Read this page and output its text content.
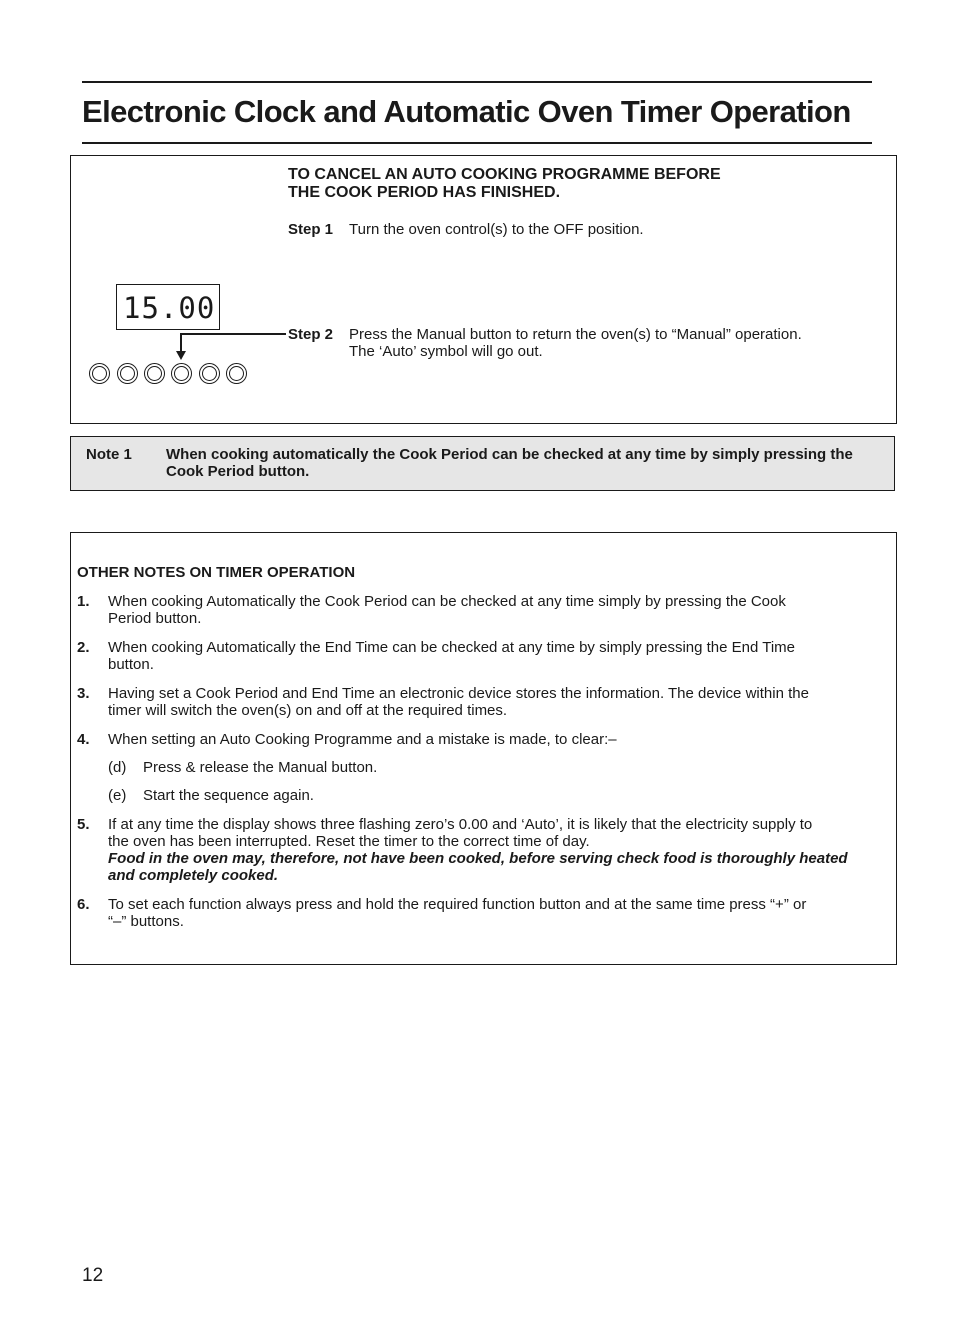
Electronic Clock and Automatic Oven Timer Operation
TO CANCEL AN AUTO COOKING PROGRAMME BEFORE
THE COOK PERIOD HAS FINISHED.
Step 1 Turn the oven control(s) to the OFF position.
Step 2 Press the Manual button to return the oven(s) to “Manual” operation.
The ‘Auto’ symbol will go out.
15.00
Note 1 When cooking automatically the Cook Period can be checked at any time by simply pressing the Cook Period button.
OTHER NOTES ON TIMER OPERATION
1. When cooking Automatically the Cook Period can be checked at any time simply by pressing the Cook
Period button.
2. When cooking Automatically the End Time can be checked at any time by simply pressing the End Time
button.
3. Having set a Cook Period and End Time an electronic device stores the information. The device within the
timer will switch the oven(s) on and off at the required times.
4. When setting an Auto Cooking Programme and a mistake is made, to clear:–
(d) Press & release the Manual button.
(e) Start the sequence again.
5. If at any time the display shows three flashing zero’s 0.00 and ‘Auto’, it is likely that the electricity supply to
the oven has been interrupted. Reset the timer to the correct time of day.
Food in the oven may, therefore, not have been cooked, before serving check food is thoroughly heated
and completely cooked.
6. To set each function always press and hold the required function button and at the same time press “+” or
“–” buttons.
12
